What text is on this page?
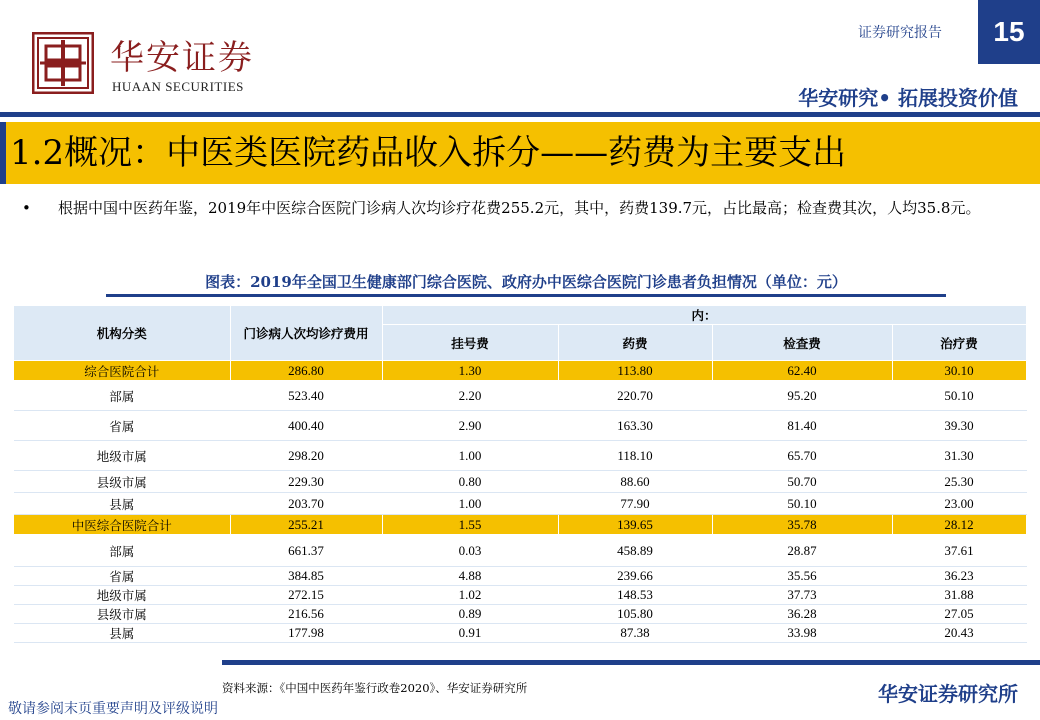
华安证券
HUAAN SECURITIES
证券研究报告	15
华安研究• 拓展投资价值
1.2概况：中医类医院药品收入拆分——药费为主要支出
• 根据中国中医药年鉴，2019年中医综合医院门诊病人次均诊疗花费255.2元，其中，药费139.7元，占比最高；检查费其次，人均35.8元。
图表：2019年全国卫生健康部门综合医院、政府办中医综合医院门诊患者负担情况（单位：元）
机构分类	门诊病人次均诊疗费用	内：			
		挂号费	药费	检查费	治疗费
综合医院合计	286.80	1.30	113.80	62.40	30.10
部属	523.40	2.20	220.70	95.20	50.10
省属	400.40	2.90	163.30	81.40	39.30
地级市属	298.20	1.00	118.10	65.70	31.30
县级市属	229.30	0.80	88.60	50.70	25.30
县属	203.70	1.00	77.90	50.10	23.00
中医综合医院合计	255.21	1.55	139.65	35.78	28.12
部属	661.37	0.03	458.89	28.87	37.61
省属	384.85	4.88	239.66	35.56	36.23
地级市属	272.15	1.02	148.53	37.73	31.88
县级市属	216.56	0.89	105.80	36.28	27.05
县属	177.98	0.91	87.38	33.98	20.43
资料来源：《中国中医药年鉴行政卷2020》、华安证券研究所	华安证券研究所
敬请参阅末页重要声明及评级说明
